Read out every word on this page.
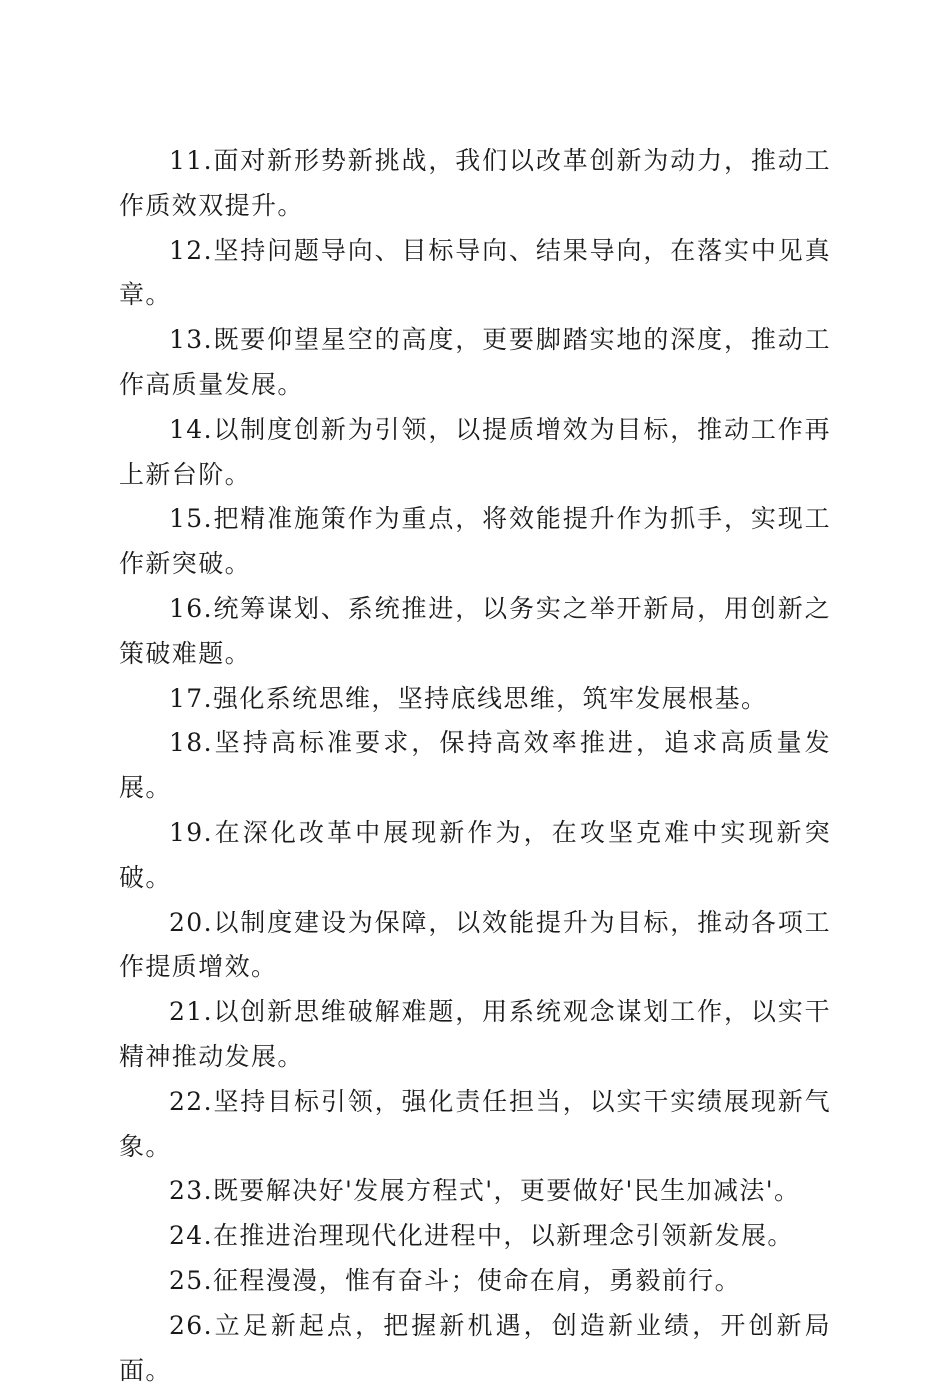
11.面对新形势新挑战，我们以改革创新为动力，推动工作质效双提升。

12.坚持问题导向、目标导向、结果导向，在落实中见真章。

13.既要仰望星空的高度，更要脚踏实地的深度，推动工作高质量发展。

14.以制度创新为引领，以提质增效为目标，推动工作再上新台阶。

15.把精准施策作为重点，将效能提升作为抓手，实现工作新突破。

16.统筹谋划、系统推进，以务实之举开新局，用创新之策破难题。

17.强化系统思维，坚持底线思维，筑牢发展根基。

18.坚持高标准要求，保持高效率推进，追求高质量发展。

19.在深化改革中展现新作为，在攻坚克难中实现新突破。

20.以制度建设为保障，以效能提升为目标，推动各项工作提质增效。

21.以创新思维破解难题，用系统观念谋划工作，以实干精神推动发展。

22.坚持目标引领，强化责任担当，以实干实绩展现新气象。

23.既要解决好'发展方程式'，更要做好'民生加减法'。

24.在推进治理现代化进程中，以新理念引领新发展。

25.征程漫漫，惟有奋斗；使命在肩，勇毅前行。

26.立足新起点，把握新机遇，创造新业绩，开创新局面。
